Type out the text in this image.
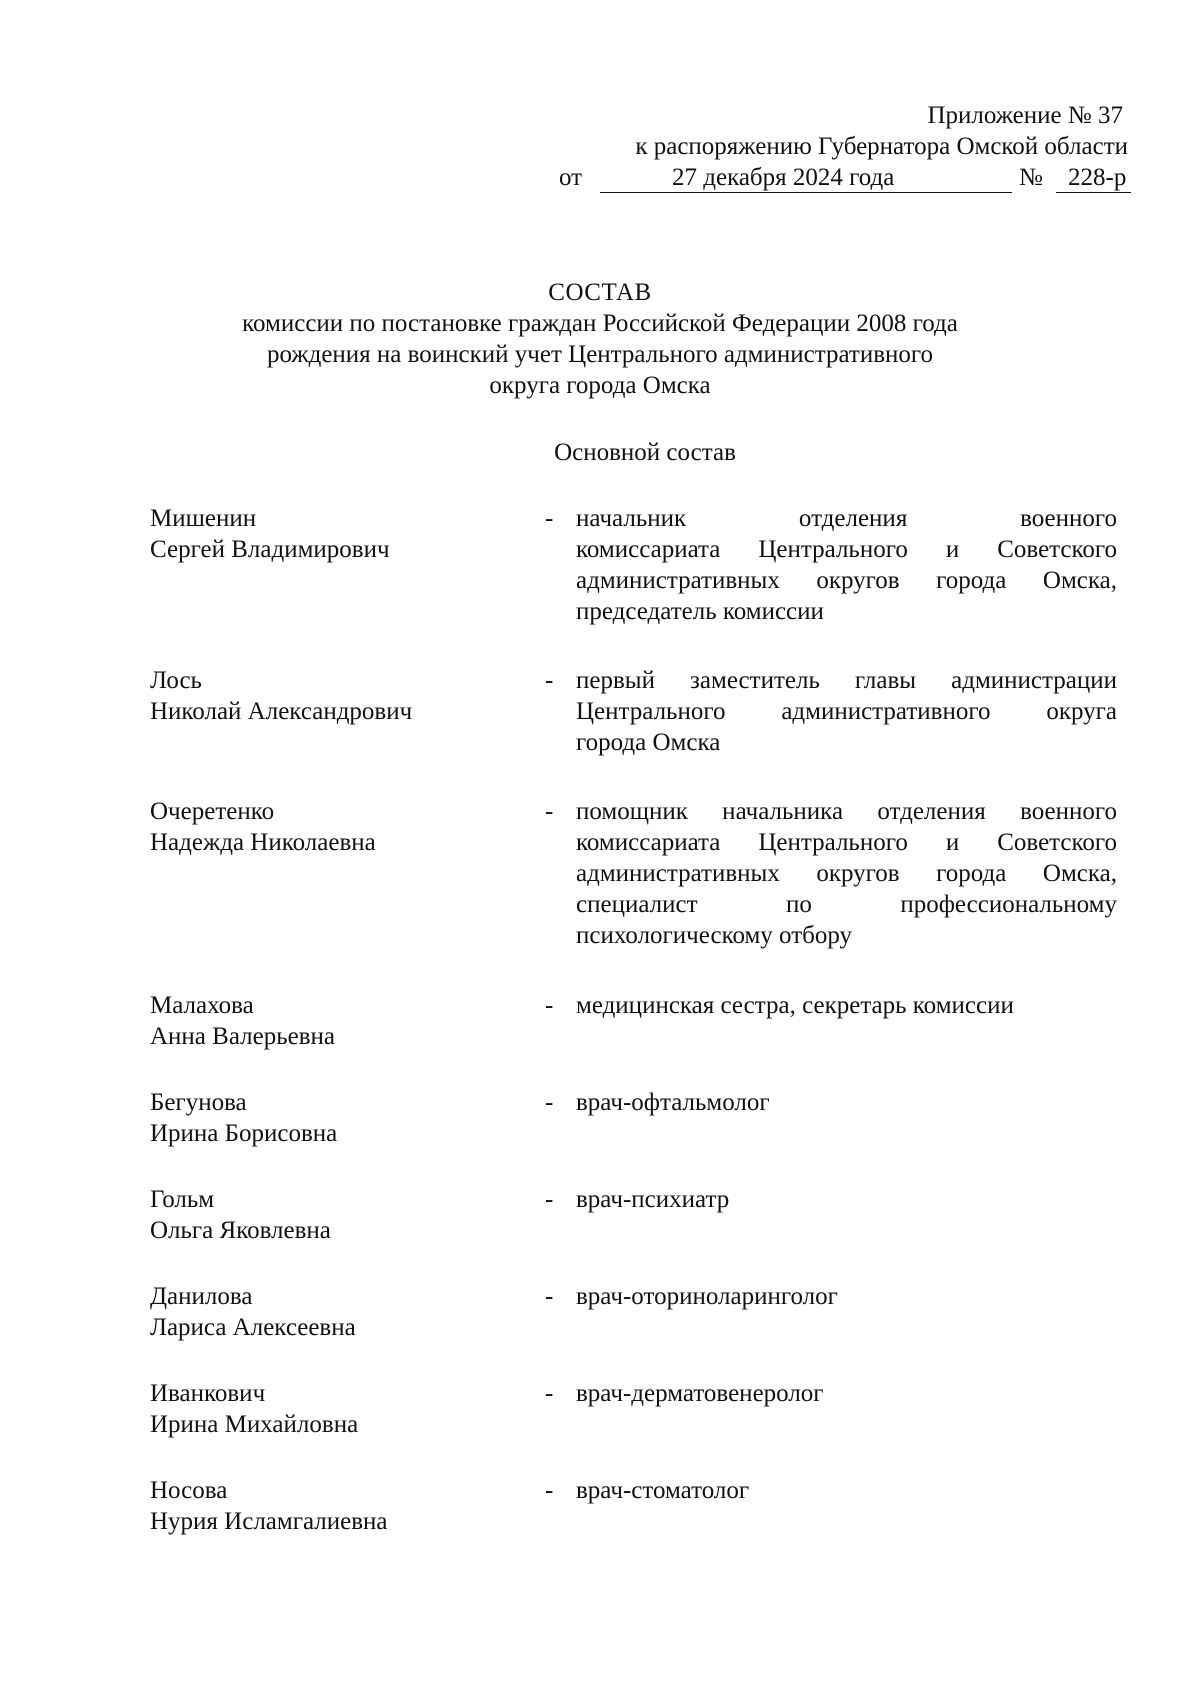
Приложение № 37
к распоряжению Губернатора Омской области
от	27 декабря 2024 года	№ 228-р
СОСТАВ
комиссии по постановке граждан Российской Федерации 2008 года
рождения на воинский учет Центрального административного
округа города Омска
Основной состав
Мишенин
Сергей Владимирович
- начальник отделения военного
комиссариата Центрального и Советского
административных округов города Омска,
председатель комиссии
Лось
Николай Александрович
- первый заместитель главы администрации
Центрального административного округа
города Омска
Очеретенко
Надежда Николаевна
- помощник начальника отделения военного
комиссариата Центрального и Советского
административных округов города Омска,
специалист по профессиональному
психологическому отбору
Малахова
Анна Валерьевна
- медицинская сестра, секретарь комиссии
Бегунова
Ирина Борисовна
- врач-офтальмолог
Гольм
Ольга Яковлевна
- врач-психиатр
Данилова
Лариса Алексеевна
- врач-оториноларинголог
Иванкович
Ирина Михайловна
- врач-дерматовенеролог
Носова
Нурия Исламгалиевна
- врач-стоматолог
